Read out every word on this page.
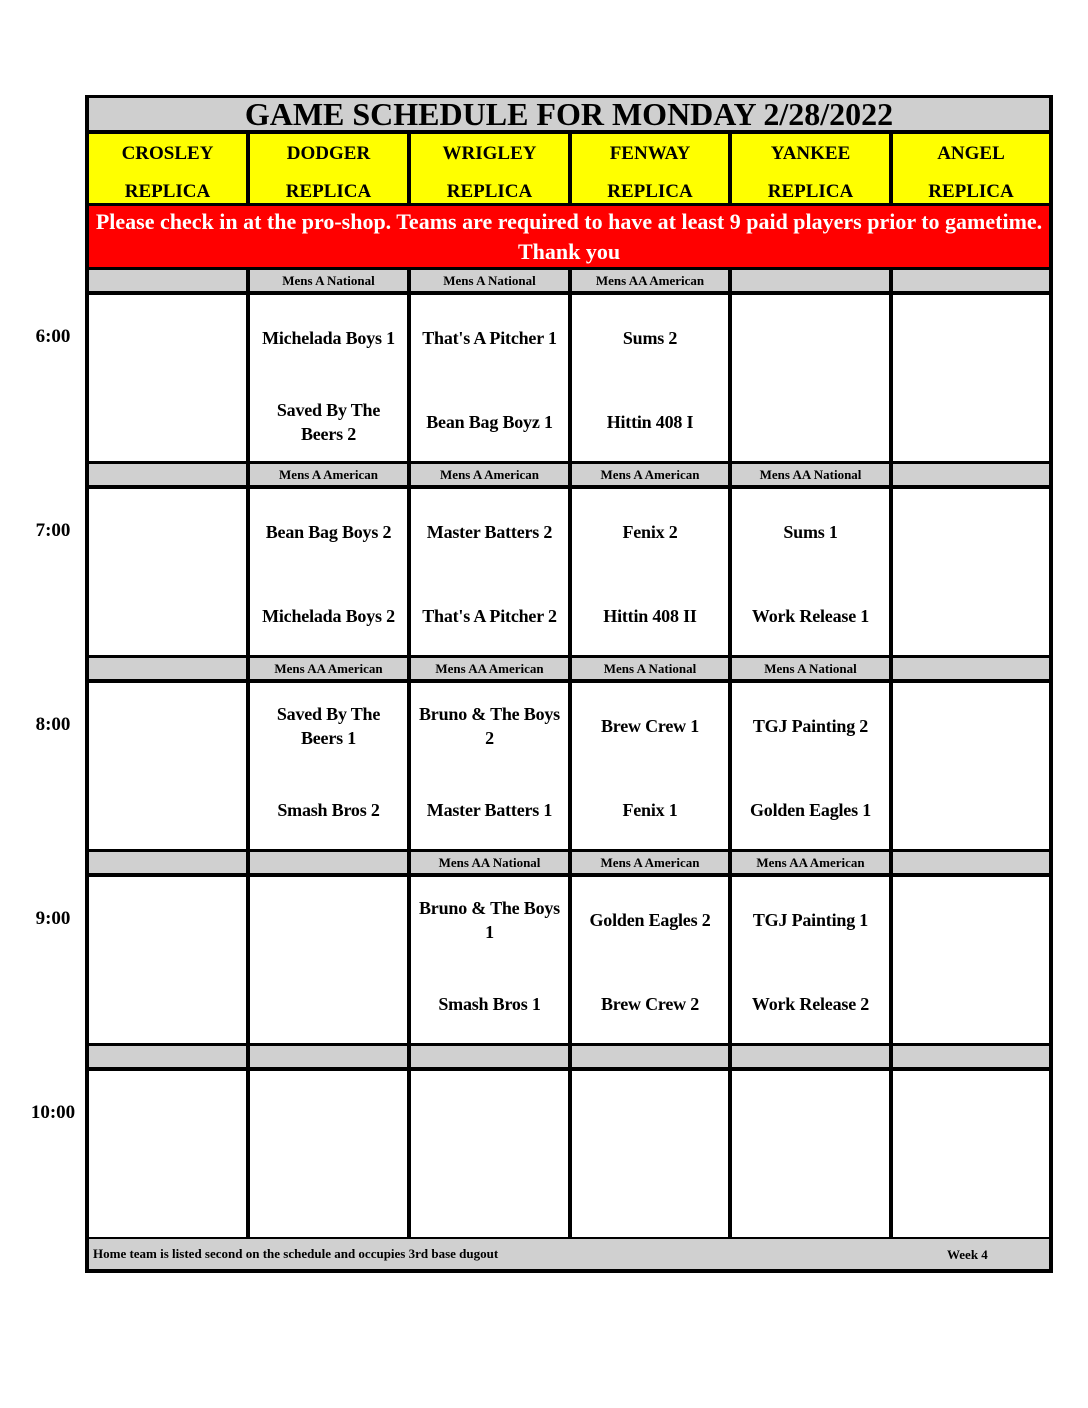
6:00
7:00
8:00
9:00
10:00
GAME SCHEDULE FOR MONDAY 2/28/2022
CROSLEY
REPLICA
DODGER
REPLICA
WRIGLEY
REPLICA
FENWAY
REPLICA
YANKEE
REPLICA
ANGEL
REPLICA
Please check in at the pro-shop. Teams are required to have at least 9 paid players prior to gametime. Thank you
Mens A National
Michelada Boys 1
Saved By The Beers 2
Mens A National
That's A Pitcher 1
Bean Bag Boyz 1
Mens AA American
Sums 2
Hittin 408 I
Mens A American
Bean Bag Boys 2
Michelada Boys 2
Mens A American
Master Batters 2
That's A Pitcher 2
Mens A American
Fenix 2
Hittin 408 II
Mens AA National
Sums 1
Work Release 1
Mens AA American
Saved By The Beers 1
Smash Bros 2
Mens AA American
Bruno & The Boys 2
Master Batters 1
Mens A National
Brew Crew 1
Fenix 1
Mens A National
TGJ Painting 2
Golden Eagles 1
Mens AA National
Bruno & The Boys 1
Smash Bros 1
Mens A American
Golden Eagles 2
Brew Crew 2
Mens AA American
TGJ Painting 1
Work Release 2
Home team is listed second on the schedule and occupies 3rd base dugout	Week 4
